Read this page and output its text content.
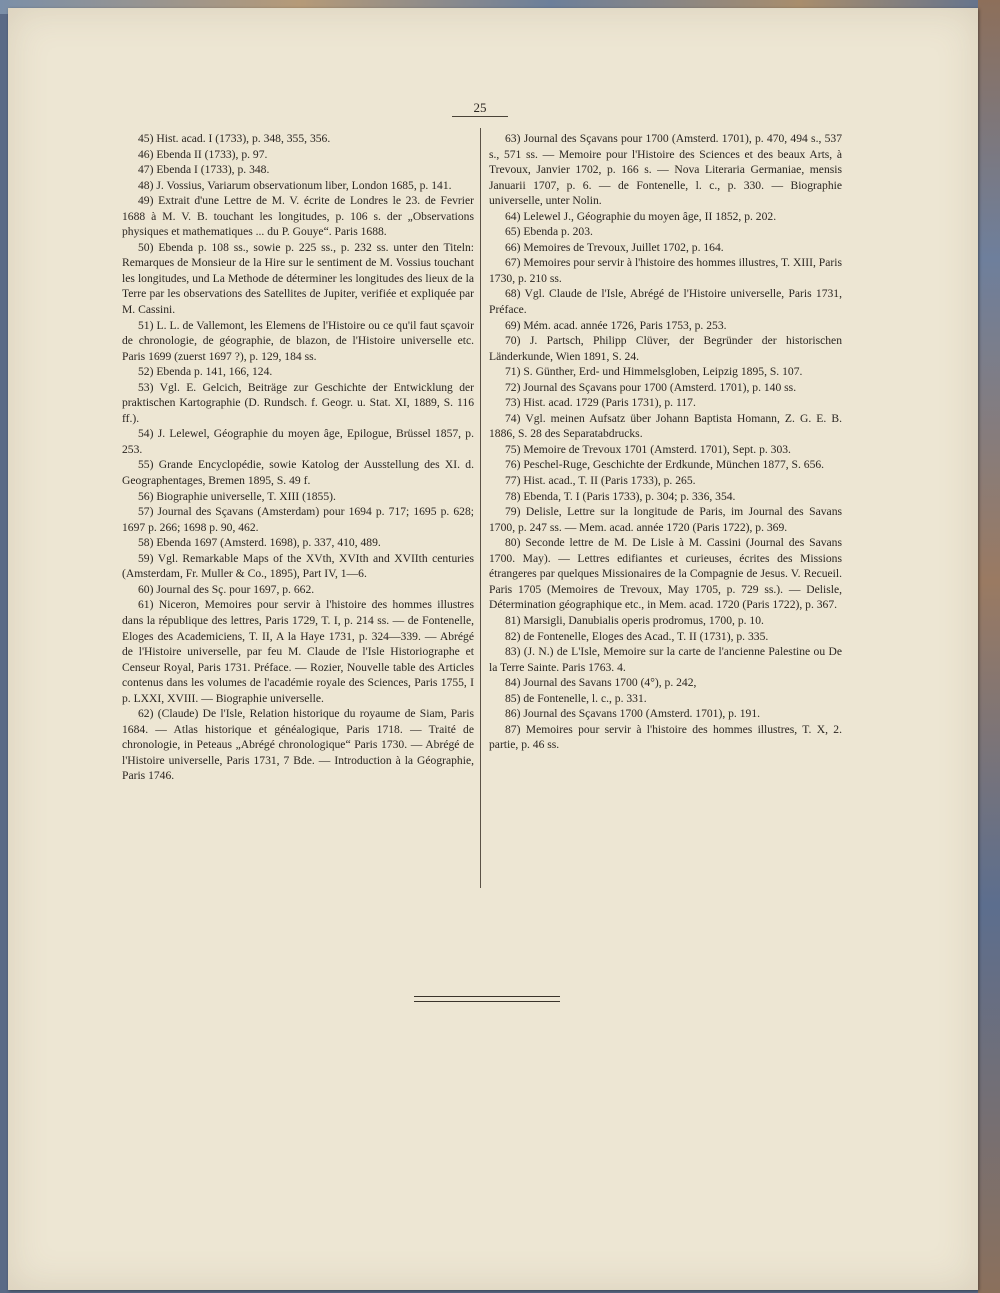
25

45) Hist. acad. I (1733), p. 348, 355, 356.

46) Ebenda II (1733), p. 97.

47) Ebenda I (1733), p. 348.

48) J. Vossius, Variarum observationum liber, London 1685, p. 141.

49) Extrait d'une Lettre de M. V. écrite de Londres le 23. de Fevrier 1688 à M. V. B. touchant les longitudes, p. 106 s. der „Observations physiques et mathematiques ... du P. Gouye“. Paris 1688.

50) Ebenda p. 108 ss., sowie p. 225 ss., p. 232 ss. unter den Titeln: Remarques de Monsieur de la Hire sur le sentiment de M. Vossius touchant les longitudes, und La Methode de déterminer les longitudes des lieux de la Terre par les observations des Satellites de Jupiter, verifiée et expliquée par M. Cassini.

51) L. L. de Vallemont, les Elemens de l'Histoire ou ce qu'il faut sçavoir de chronologie, de géographie, de blazon, de l'Histoire universelle etc. Paris 1699 (zuerst 1697 ?), p. 129, 184 ss.

52) Ebenda p. 141, 166, 124.

53) Vgl. E. Gelcich, Beiträge zur Geschichte der Entwicklung der praktischen Kartographie (D. Rundsch. f. Geogr. u. Stat. XI, 1889, S. 116 ff.).

54) J. Lelewel, Géographie du moyen âge, Epilogue, Brüssel 1857, p. 253.

55) Grande Encyclopédie, sowie Katolog der Ausstellung des XI. d. Geographentages, Bremen 1895, S. 49 f.

56) Biographie universelle, T. XIII (1855).

57) Journal des Sçavans (Amsterdam) pour 1694 p. 717; 1695 p. 628; 1697 p. 266; 1698 p. 90, 462.

58) Ebenda 1697 (Amsterd. 1698), p. 337, 410, 489.

59) Vgl. Remarkable Maps of the XVth, XVIth and XVIIth centuries (Amsterdam, Fr. Muller & Co., 1895), Part IV, 1—6.

60) Journal des Sç. pour 1697, p. 662.

61) Niceron, Memoires pour servir à l'histoire des hommes illustres dans la république des lettres, Paris 1729, T. I, p. 214 ss. — de Fontenelle, Eloges des Academiciens, T. II, A la Haye 1731, p. 324—339. — Abrégé de l'Histoire universelle, par feu M. Claude de l'Isle Historiographe et Censeur Royal, Paris 1731. Préface. — Rozier, Nouvelle table des Articles contenus dans les volumes de l'académie royale des Sciences, Paris 1755, I p. LXXI, XVIII. — Biographie universelle.

62) (Claude) De l'Isle, Relation historique du royaume de Siam, Paris 1684. — Atlas historique et généalogique, Paris 1718. — Traité de chronologie, in Peteaus „Abrégé chronologique“ Paris 1730. — Abrégé de l'Histoire universelle, Paris 1731, 7 Bde. — Introduction à la Géographie, Paris 1746.

63) Journal des Sçavans pour 1700 (Amsterd. 1701), p. 470, 494 s., 537 s., 571 ss. — Memoire pour l'Histoire des Sciences et des beaux Arts, à Trevoux, Janvier 1702, p. 166 s. — Nova Literaria Germaniae, mensis Januarii 1707, p. 6. — de Fontenelle, l. c., p. 330. — Biographie universelle, unter Nolin.

64) Lelewel J., Géographie du moyen âge, II 1852, p. 202.

65) Ebenda p. 203.

66) Memoires de Trevoux, Juillet 1702, p. 164.

67) Memoires pour servir à l'histoire des hommes illustres, T. XIII, Paris 1730, p. 210 ss.

68) Vgl. Claude de l'Isle, Abrégé de l'Histoire universelle, Paris 1731, Préface.

69) Mém. acad. année 1726, Paris 1753, p. 253.

70) J. Partsch, Philipp Clüver, der Begründer der historischen Länderkunde, Wien 1891, S. 24.

71) S. Günther, Erd- und Himmelsgloben, Leipzig 1895, S. 107.

72) Journal des Sçavans pour 1700 (Amsterd. 1701), p. 140 ss.

73) Hist. acad. 1729 (Paris 1731), p. 117.

74) Vgl. meinen Aufsatz über Johann Baptista Homann, Z. G. E. B. 1886, S. 28 des Separatabdrucks.

75) Memoire de Trevoux 1701 (Amsterd. 1701), Sept. p. 303.

76) Peschel-Ruge, Geschichte der Erdkunde, München 1877, S. 656.

77) Hist. acad., T. II (Paris 1733), p. 265.

78) Ebenda, T. I (Paris 1733), p. 304; p. 336, 354.

79) Delisle, Lettre sur la longitude de Paris, im Journal des Savans 1700, p. 247 ss. — Mem. acad. année 1720 (Paris 1722), p. 369.

80) Seconde lettre de M. De Lisle à M. Cassini (Journal des Savans 1700. May). — Lettres edifiantes et curieuses, écrites des Missions étrangeres par quelques Missionaires de la Compagnie de Jesus. V. Recueil. Paris 1705 (Memoires de Trevoux, May 1705, p. 729 ss.). — Delisle, Détermination géographique etc., in Mem. acad. 1720 (Paris 1722), p. 367.

81) Marsigli, Danubialis operis prodromus, 1700, p. 10.

82) de Fontenelle, Eloges des Acad., T. II (1731), p. 335.

83) (J. N.) de L'Isle, Memoire sur la carte de l'ancienne Palestine ou De la Terre Sainte. Paris 1763. 4.

84) Journal des Savans 1700 (4°), p. 242,

85) de Fontenelle, l. c., p. 331.

86) Journal des Sçavans 1700 (Amsterd. 1701), p. 191.

87) Memoires pour servir à l'histoire des hommes illustres, T. X, 2. partie, p. 46 ss.
